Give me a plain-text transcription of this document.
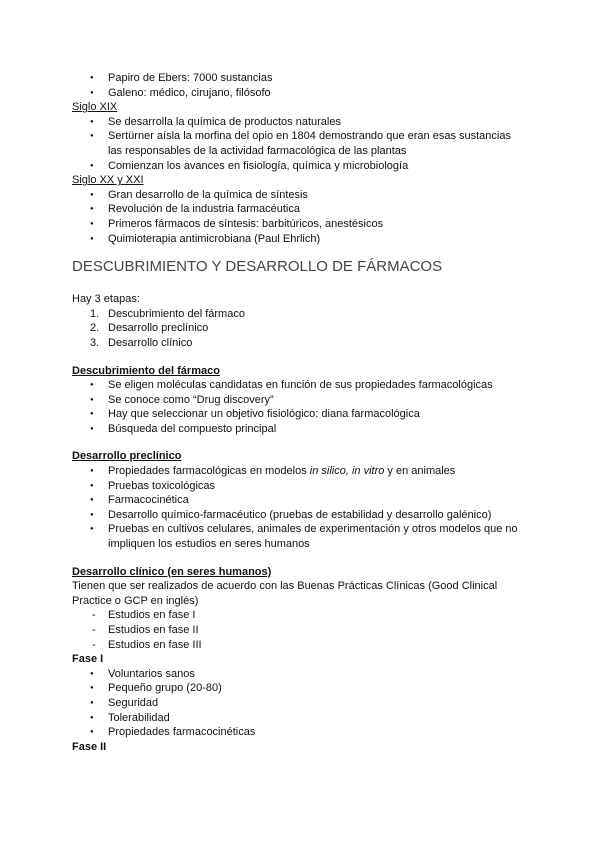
● Papiro de Ebers: 7000 sustancias
● Galeno: médico, cirujano, filósofo
Siglo XIX
● Se desarrolla la química de productos naturales
● Sertürner aísla la morfina del opio en 1804 demostrando que eran esas sustancias
las responsables de la actividad farmacológica de las plantas
● Comienzan los avances en fisiología, química y microbiología
Siglo XX y XXI
● Gran desarrollo de la química de síntesis
● Revolución de la industria farmacéutica
● Primeros fármacos de síntesis: barbitúricos, anestésicos
● Quimioterapia antimicrobiana (Paul Ehrlich)
DESCUBRIMIENTO Y DESARROLLO DE FÁRMACOS
Hay 3 etapas:
1. Descubrimiento del fármaco
2. Desarrollo preclínico
3. Desarrollo clínico
Descubrimiento del fármaco
● Se eligen moléculas candidatas en función de sus propiedades farmacológicas
● Se conoce como “Drug discovery”
● Hay que seleccionar un objetivo fisiológico: diana farmacológica
● Búsqueda del compuesto principal
Desarrollo preclínico
● Propiedades farmacológicas en modelos in silico, in vitro y en animales
● Pruebas toxicológicas
● Farmacocinética
● Desarrollo químico-farmacéutico (pruebas de estabilidad y desarrollo galénico)
● Pruebas en cultivos celulares, animales de experimentación y otros modelos que no
impliquen los estudios en seres humanos
Desarrollo clínico (en seres humanos)
Tienen que ser realizados de acuerdo con las Buenas Prácticas Clínicas (Good Clinical
Practice o GCP en inglés)
- Estudios en fase I
- Estudios en fase II
- Estudios en fase III
Fase I
● Voluntarios sanos
● Pequeño grupo (20-80)
● Seguridad
● Tolerabilidad
● Propiedades farmacocinéticas
Fase II
